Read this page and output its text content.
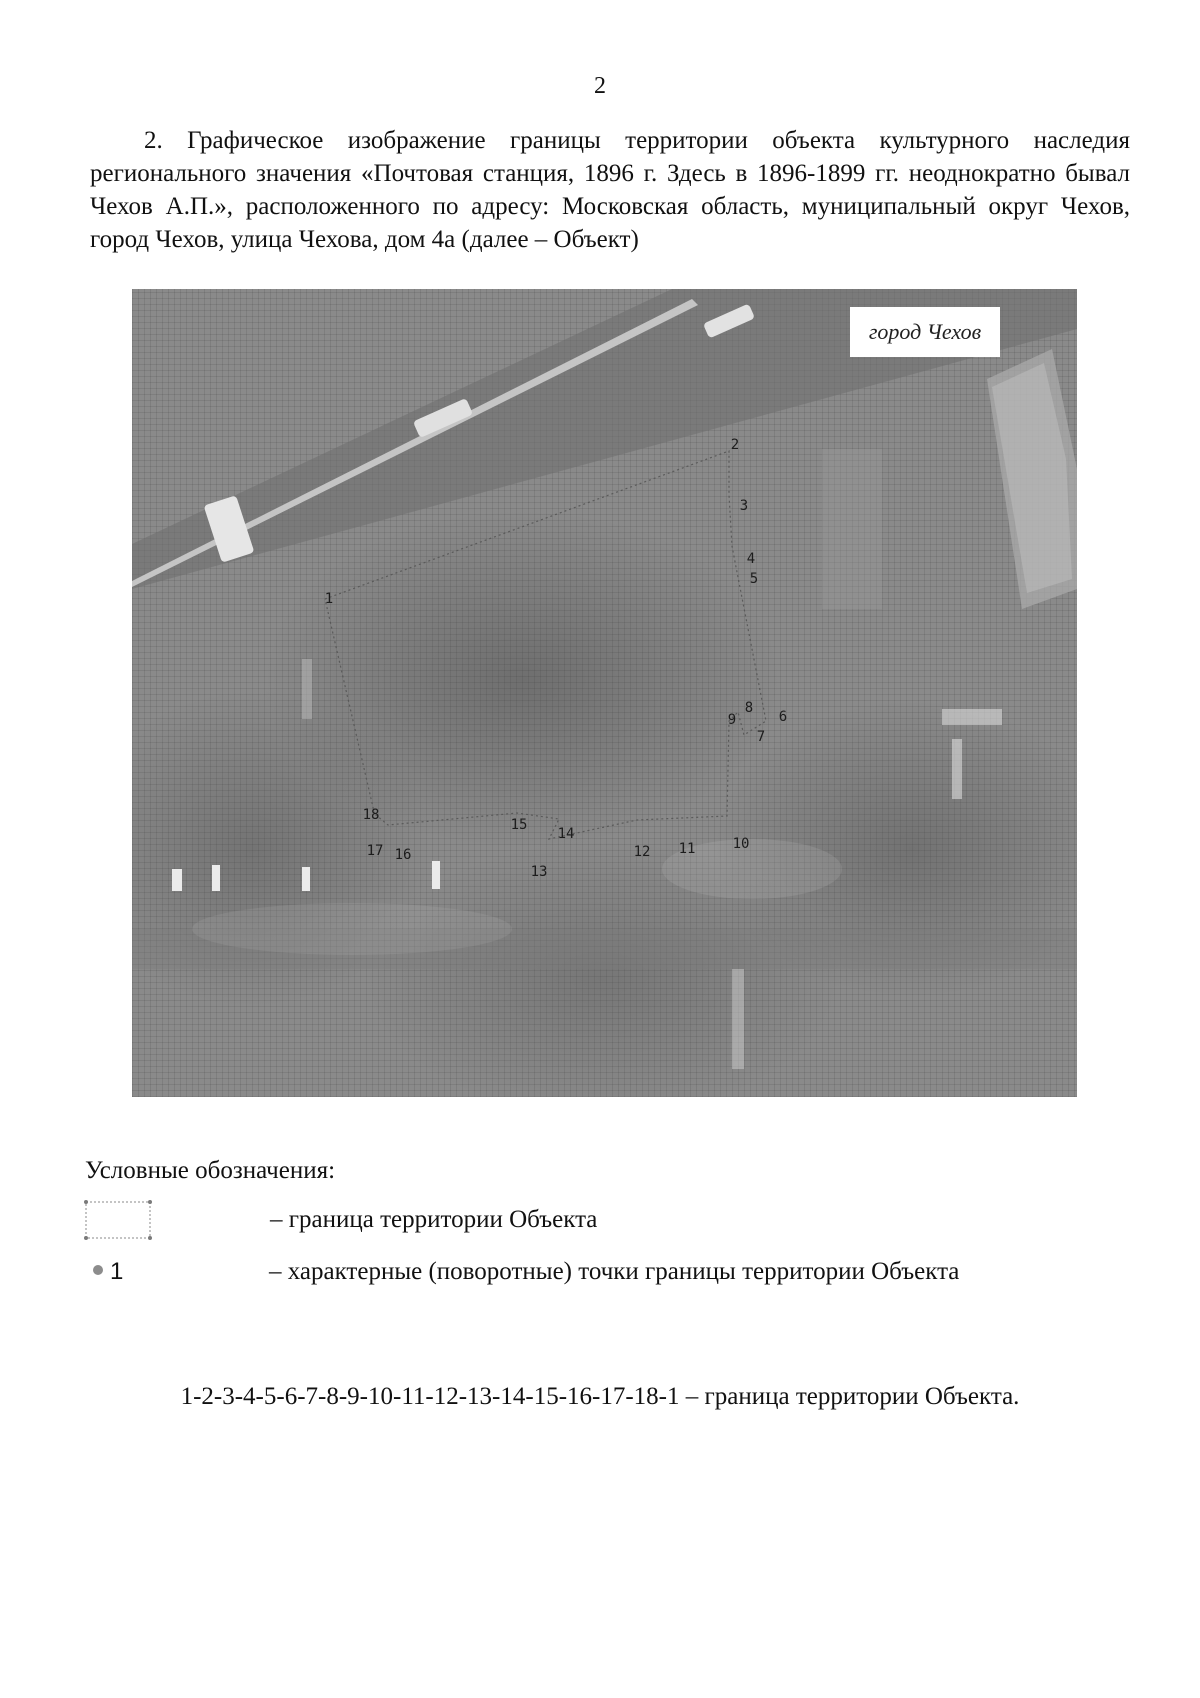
2

2. Графическое изображение границы территории объекта культурного наследия регионального значения «Почтовая станция, 1896 г. Здесь в 1896-1899 гг. неоднократно бывал Чехов А.П.», расположенного по адресу: Московская область, муниципальный округ Чехов, город Чехов, улица Чехова, дом 4а (далее – Объект)

город Чехов
1
2
3
4
5
6
7
8
9
10
11
12
13
14
15
16
17
18
Условные обозначения:
– граница территории Объекта
1	– характерные (поворотные) точки границы территории Объекта
1-2-3-4-5-6-7-8-9-10-11-12-13-14-15-16-17-18-1 – граница территории Объекта.
